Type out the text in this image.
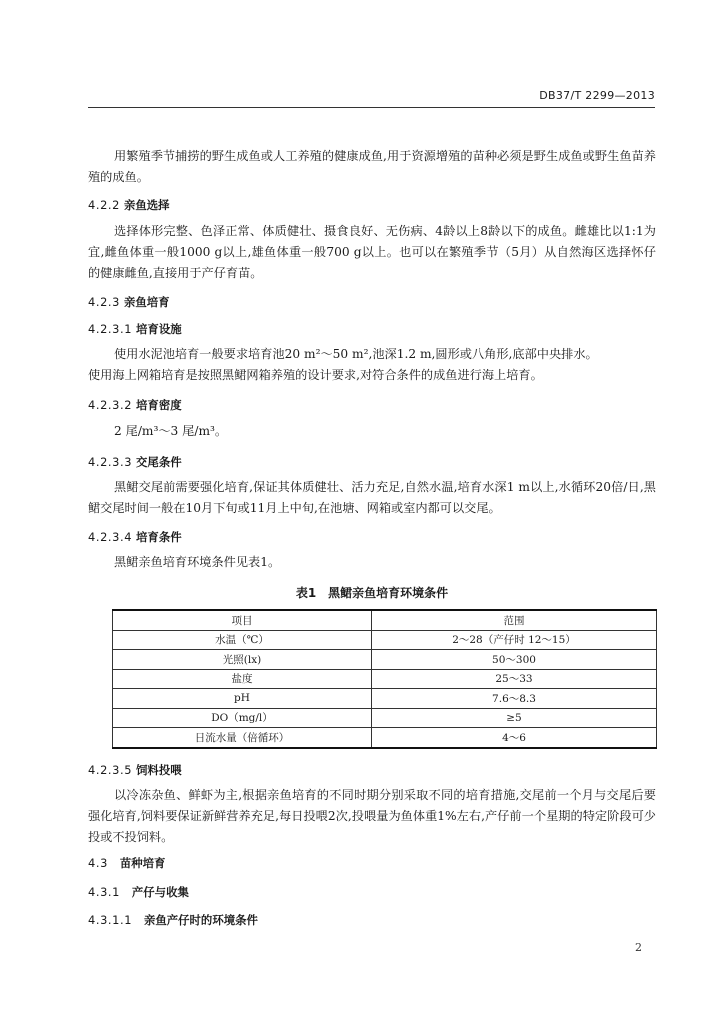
DB37/T 2299—2013

用繁殖季节捕捞的野生成鱼或人工养殖的健康成鱼,用于资源增殖的苗种必须是野生成鱼或野生鱼苗养殖的成鱼。

4.2.2 亲鱼选择

选择体形完整、色泽正常、体质健壮、摄食良好、无伤病、4龄以上8龄以下的成鱼。雌雄比以1:1为宜,雌鱼体重一般1000 g以上,雄鱼体重一般700 g以上。也可以在繁殖季节（5月）从自然海区选择怀仔的健康雌鱼,直接用于产仔育苗。

4.2.3 亲鱼培育
4.2.3.1 培育设施
使用水泥池培育一般要求培育池20 m²～50 m²,池深1.2 m,圆形或八角形,底部中央排水。
使用海上网箱培育是按照黑鲪网箱养殖的设计要求,对符合条件的成鱼进行海上培育。
4.2.3.2 培育密度
2 尾/m³～3 尾/m³。
4.2.3.3 交尾条件

黑鲪交尾前需要强化培育,保证其体质健壮、活力充足,自然水温,培育水深1 m以上,水循环20倍/日,黑鲪交尾时间一般在10月下旬或11月上中旬,在池塘、网箱或室内都可以交尾。

4.2.3.4 培育条件
黑鲪亲鱼培育环境条件见表1。
表1　黑鲪亲鱼培育环境条件
项目	范围
水温（℃）	2～28（产仔时 12～15）
光照(lx)	50～300
盐度	25～33
pH	7.6～8.3
DO（mg/l）	≥5
日流水量（倍循环）	4～6
4.2.3.5 饲料投喂

以冷冻杂鱼、鲜虾为主,根据亲鱼培育的不同时期分别采取不同的培育措施,交尾前一个月与交尾后要强化培育,饲料要保证新鲜营养充足,每日投喂2次,投喂量为鱼体重1%左右,产仔前一个星期的特定阶段可少投或不投饲料。

4.3 苗种培育
4.3.1 产仔与收集
4.3.1.1 亲鱼产仔时的环境条件
2
